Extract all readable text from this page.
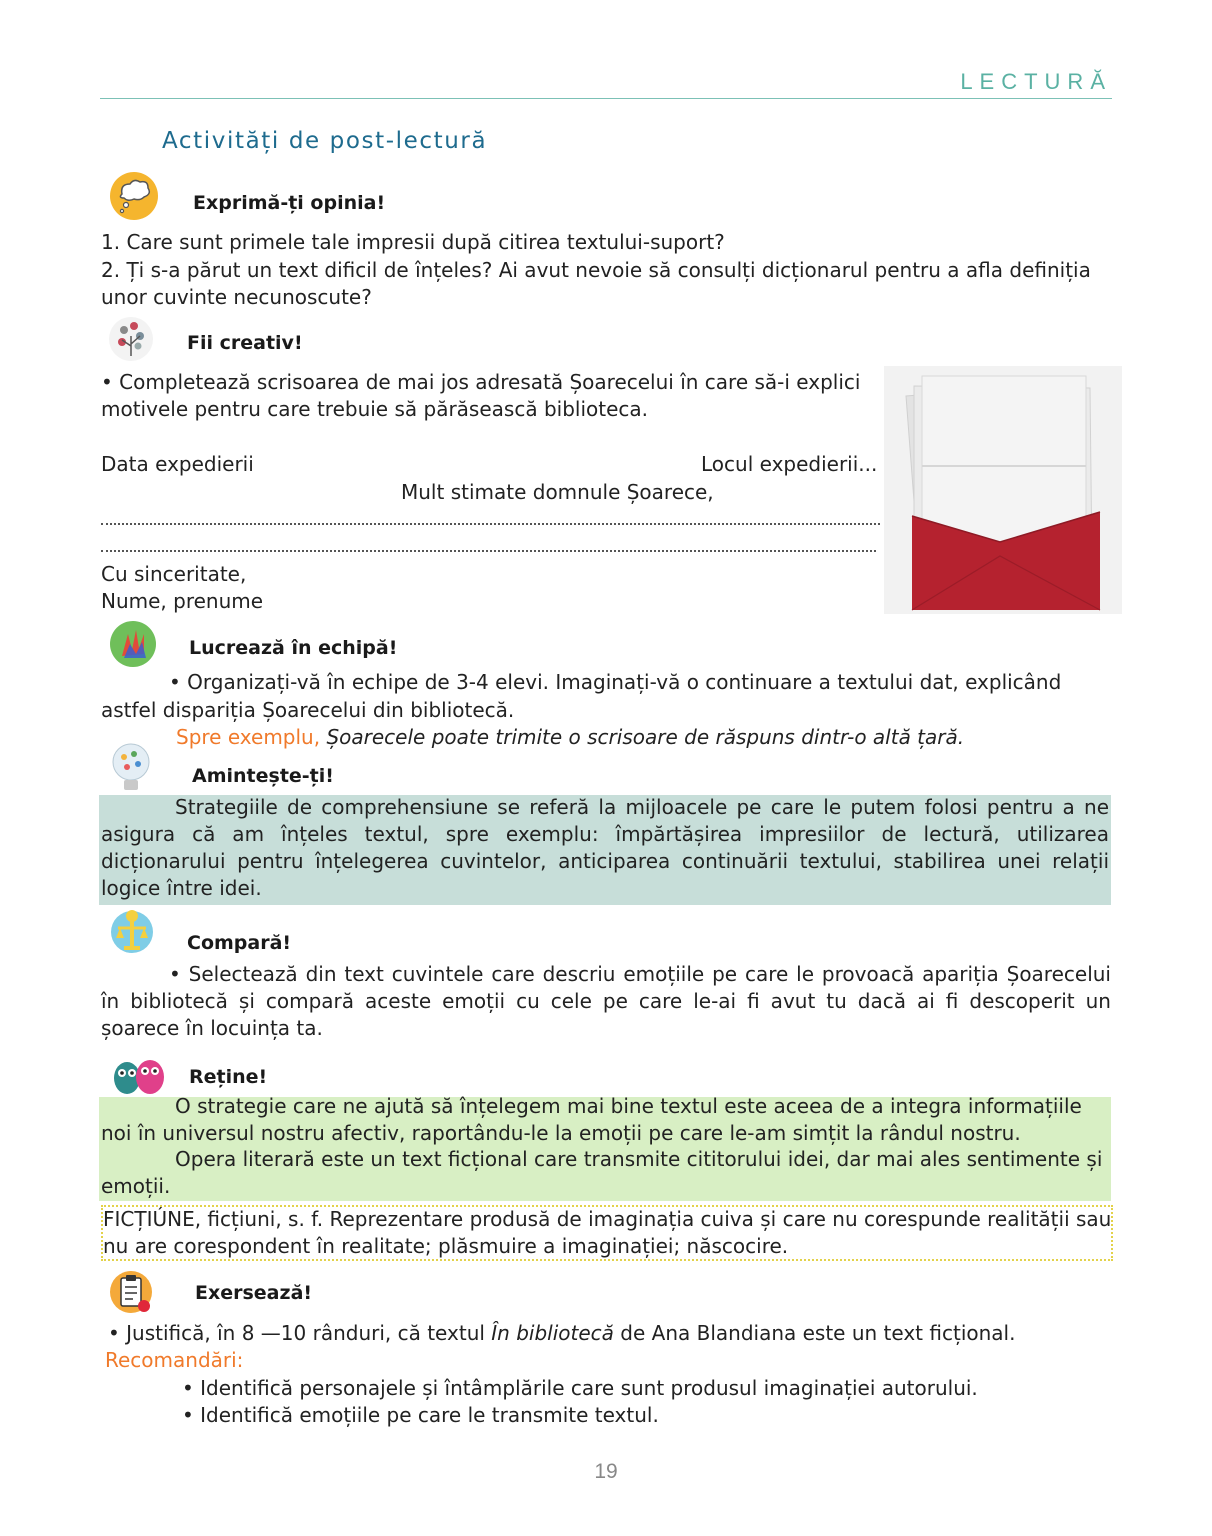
LECTURĂ
Activități de post-lectură
Exprimă-ți opinia!
1. Care sunt primele tale impresii după citirea textului-suport?
2. Ți s-a părut un text dificil de înțeles? Ai avut nevoie să consulți dicționarul pentru a afla definiția
unor cuvinte necunoscute?
Fii creativ!
• Completează scrisoarea de mai jos adresată Șoarecelui în care să-i explici
motivele pentru care trebuie să părăsească biblioteca.
Data expedierii	Locul expedierii...
Mult stimate domnule Șoarece,
Cu sinceritate,
Nume, prenume
Lucrează în echipă!
• Organizați-vă în echipe de 3-4 elevi. Imaginați-vă o continuare a textului dat, explicând
astfel dispariția Șoarecelui din bibliotecă.
Spre exemplu, Șoarecele poate trimite o scrisoare de răspuns dintr-o altă țară.
Amintește-ți!
Strategiile de comprehensiune se referă la mijloacele pe care le putem folosi pentru a ne asigura că am înțeles textul, spre exemplu: împărtășirea impresiilor de lectură, utilizarea dicționarului pentru înțelegerea cuvintelor, anticiparea continuării textului, stabilirea unei relații logice între idei.
Compară!
• Selectează din text cuvintele care descriu emoțiile pe care le provoacă apariția Șoarecelui în bibliotecă și compară aceste emoții cu cele pe care le-ai fi avut tu dacă ai fi descoperit un șoarece în locuința ta.
Reține!
O strategie care ne ajută să înțelegem mai bine textul este aceea de a integra informațiile noi în universul nostru afectiv, raportându-le la emoții pe care le-am simțit la rândul nostru.
Opera literară este un text ficțional care transmite cititorului idei, dar mai ales sentimente și emoții.
FICȚIÚNE, ficțiuni, s. f. Reprezentare produsă de imaginația cuiva și care nu corespunde realității sau nu are corespondent în realitate; plăsmuire a imaginației; născocire.
Exersează!
• Justifică, în 8 —10 rânduri, că textul În bibliotecă de Ana Blandiana este un text ficțional.
Recomandări:
• Identifică personajele și întâmplările care sunt produsul imaginației autorului.
• Identifică emoțiile pe care le transmite textul.
19
